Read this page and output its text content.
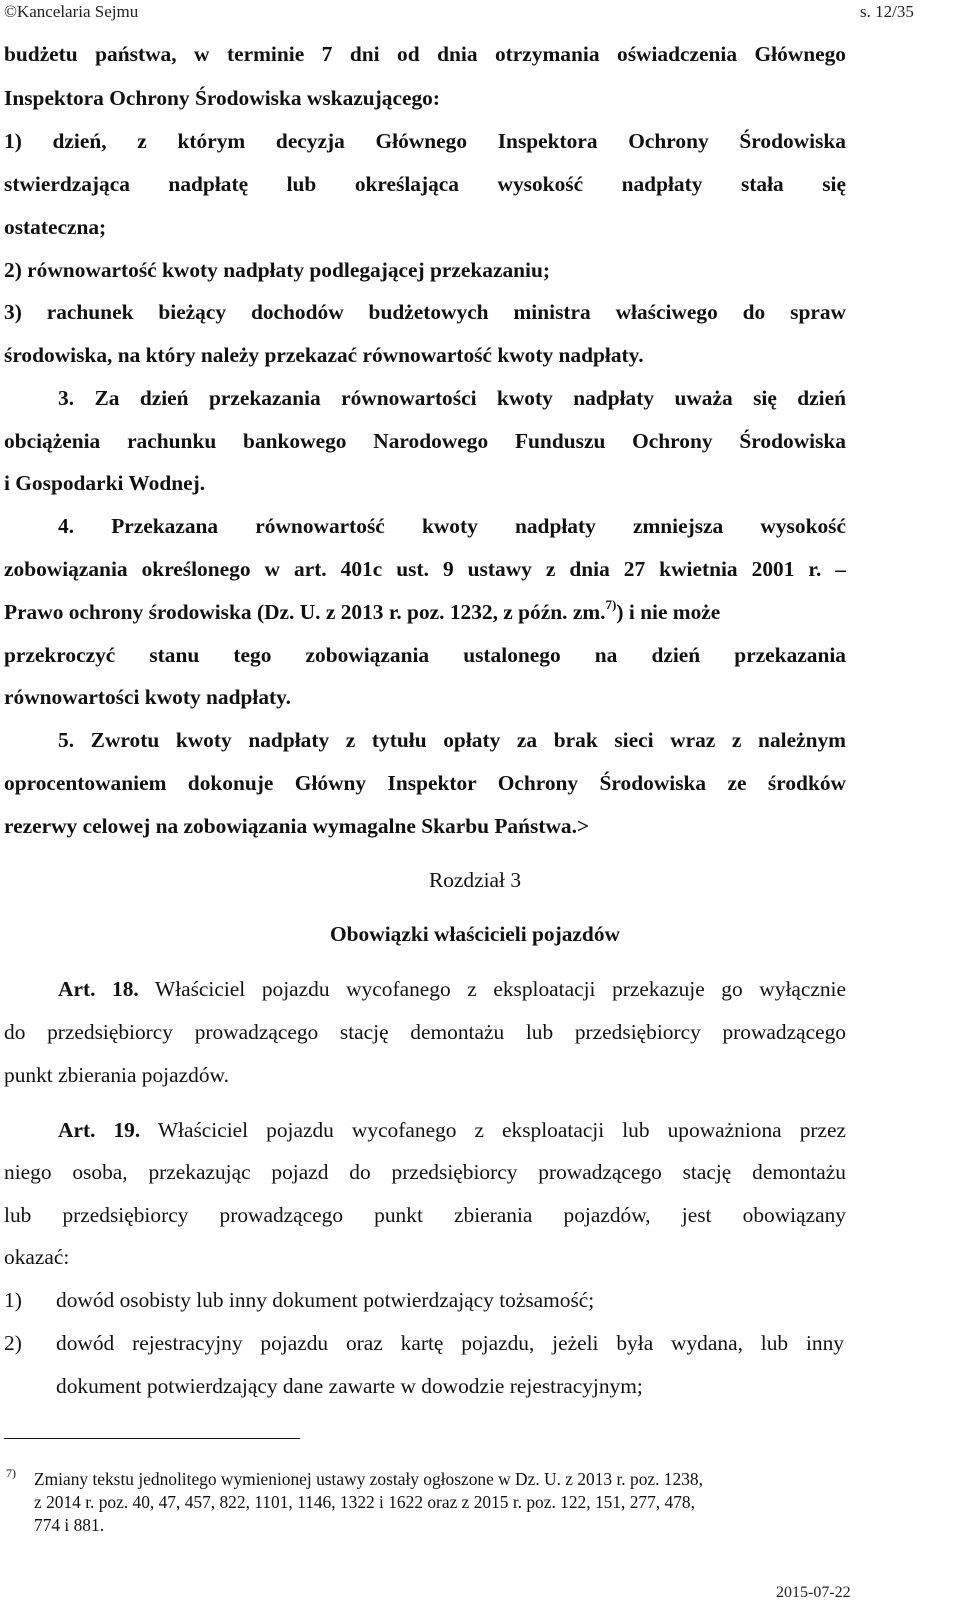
©Kancelaria Sejmu	s. 12/35
budżetu państwa, w terminie 7 dni od dnia otrzymania oświadczenia Głównego
Inspektora Ochrony Środowiska wskazującego:
1) dzień, z którym decyzja Głównego Inspektora Ochrony Środowiska
stwierdzająca nadpłatę lub określająca wysokość nadpłaty stała się
ostateczna;
2) równowartość kwoty nadpłaty podlegającej przekazaniu;
3) rachunek bieżący dochodów budżetowych ministra właściwego do spraw
środowiska, na który należy przekazać równowartość kwoty nadpłaty.
3. Za dzień przekazania równowartości kwoty nadpłaty uważa się dzień
obciążenia rachunku bankowego Narodowego Funduszu Ochrony Środowiska
i Gospodarki Wodnej.
4. Przekazana równowartość kwoty nadpłaty zmniejsza wysokość
zobowiązania określonego w art. 401c ust. 9 ustawy z dnia 27 kwietnia 2001 r. –
Prawo ochrony środowiska (Dz. U. z 2013 r. poz. 1232, z późn. zm.$^{7)}$) i nie może
przekroczyć stanu tego zobowiązania ustalonego na dzień przekazania
równowartości kwoty nadpłaty.
5. Zwrotu kwoty nadpłaty z tytułu opłaty za brak sieci wraz z należnym
oprocentowaniem dokonuje Główny Inspektor Ochrony Środowiska ze środków
rezerwy celowej na zobowiązania wymagalne Skarbu Państwa.>
Rozdział 3
Obowiązki właścicieli pojazdów
Art. 18. Właściciel pojazdu wycofanego z eksploatacji przekazuje go wyłącznie
do przedsiębiorcy prowadzącego stację demontażu lub przedsiębiorcy prowadzącego
punkt zbierania pojazdów.
Art. 19. Właściciel pojazdu wycofanego z eksploatacji lub upoważniona przez
niego osoba, przekazując pojazd do przedsiębiorcy prowadzącego stację demontażu
lub przedsiębiorcy prowadzącego punkt zbierania pojazdów, jest obowiązany
okazać:
1) dowód osobisty lub inny dokument potwierdzający tożsamość;
2) dowód rejestracyjny pojazdu oraz kartę pojazdu, jeżeli była wydana, lub inny
dokument potwierdzający dane zawarte w dowodzie rejestracyjnym;
7) Zmiany tekstu jednolitego wymienionej ustawy zostały ogłoszone w Dz. U. z 2013 r. poz. 1238,
z 2014 r. poz. 40, 47, 457, 822, 1101, 1146, 1322 i 1622 oraz z 2015 r. poz. 122, 151, 277, 478,
774 i 881.
2015-07-22
